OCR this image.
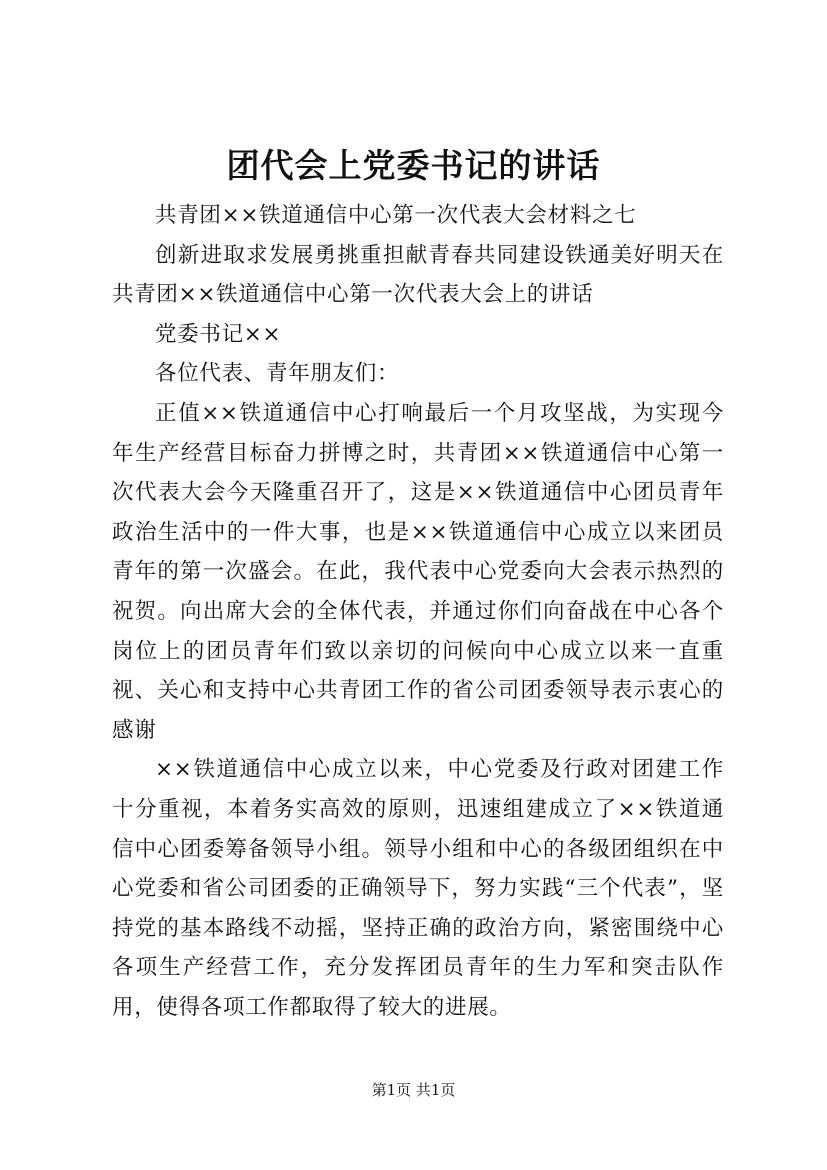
团代会上党委书记的讲话

共青团××铁道通信中心第一次代表大会材料之七

创新进取求发展勇挑重担献青春共同建设铁通美好明天在共青团××铁道通信中心第一次代表大会上的讲话

党委书记××

各位代表、青年朋友们：

正值××铁道通信中心打响最后一个月攻坚战，为实现今年生产经营目标奋力拼博之时，共青团××铁道通信中心第一次代表大会今天隆重召开了，这是××铁道通信中心团员青年政治生活中的一件大事，也是××铁道通信中心成立以来团员青年的第一次盛会。在此，我代表中心党委向大会表示热烈的祝贺。向出席大会的全体代表，并通过你们向奋战在中心各个岗位上的团员青年们致以亲切的问候向中心成立以来一直重视、关心和支持中心共青团工作的省公司团委领导表示衷心的感谢

××铁道通信中心成立以来，中心党委及行政对团建工作十分重视，本着务实高效的原则，迅速组建成立了××铁道通信中心团委筹备领导小组。领导小组和中心的各级团组织在中心党委和省公司团委的正确领导下，努力实践“三个代表”，坚持党的基本路线不动摇，坚持正确的政治方向，紧密围绕中心各项生产经营工作，充分发挥团员青年的生力军和突击队作用，使得各项工作都取得了较大的进展。

第1页 共1页
